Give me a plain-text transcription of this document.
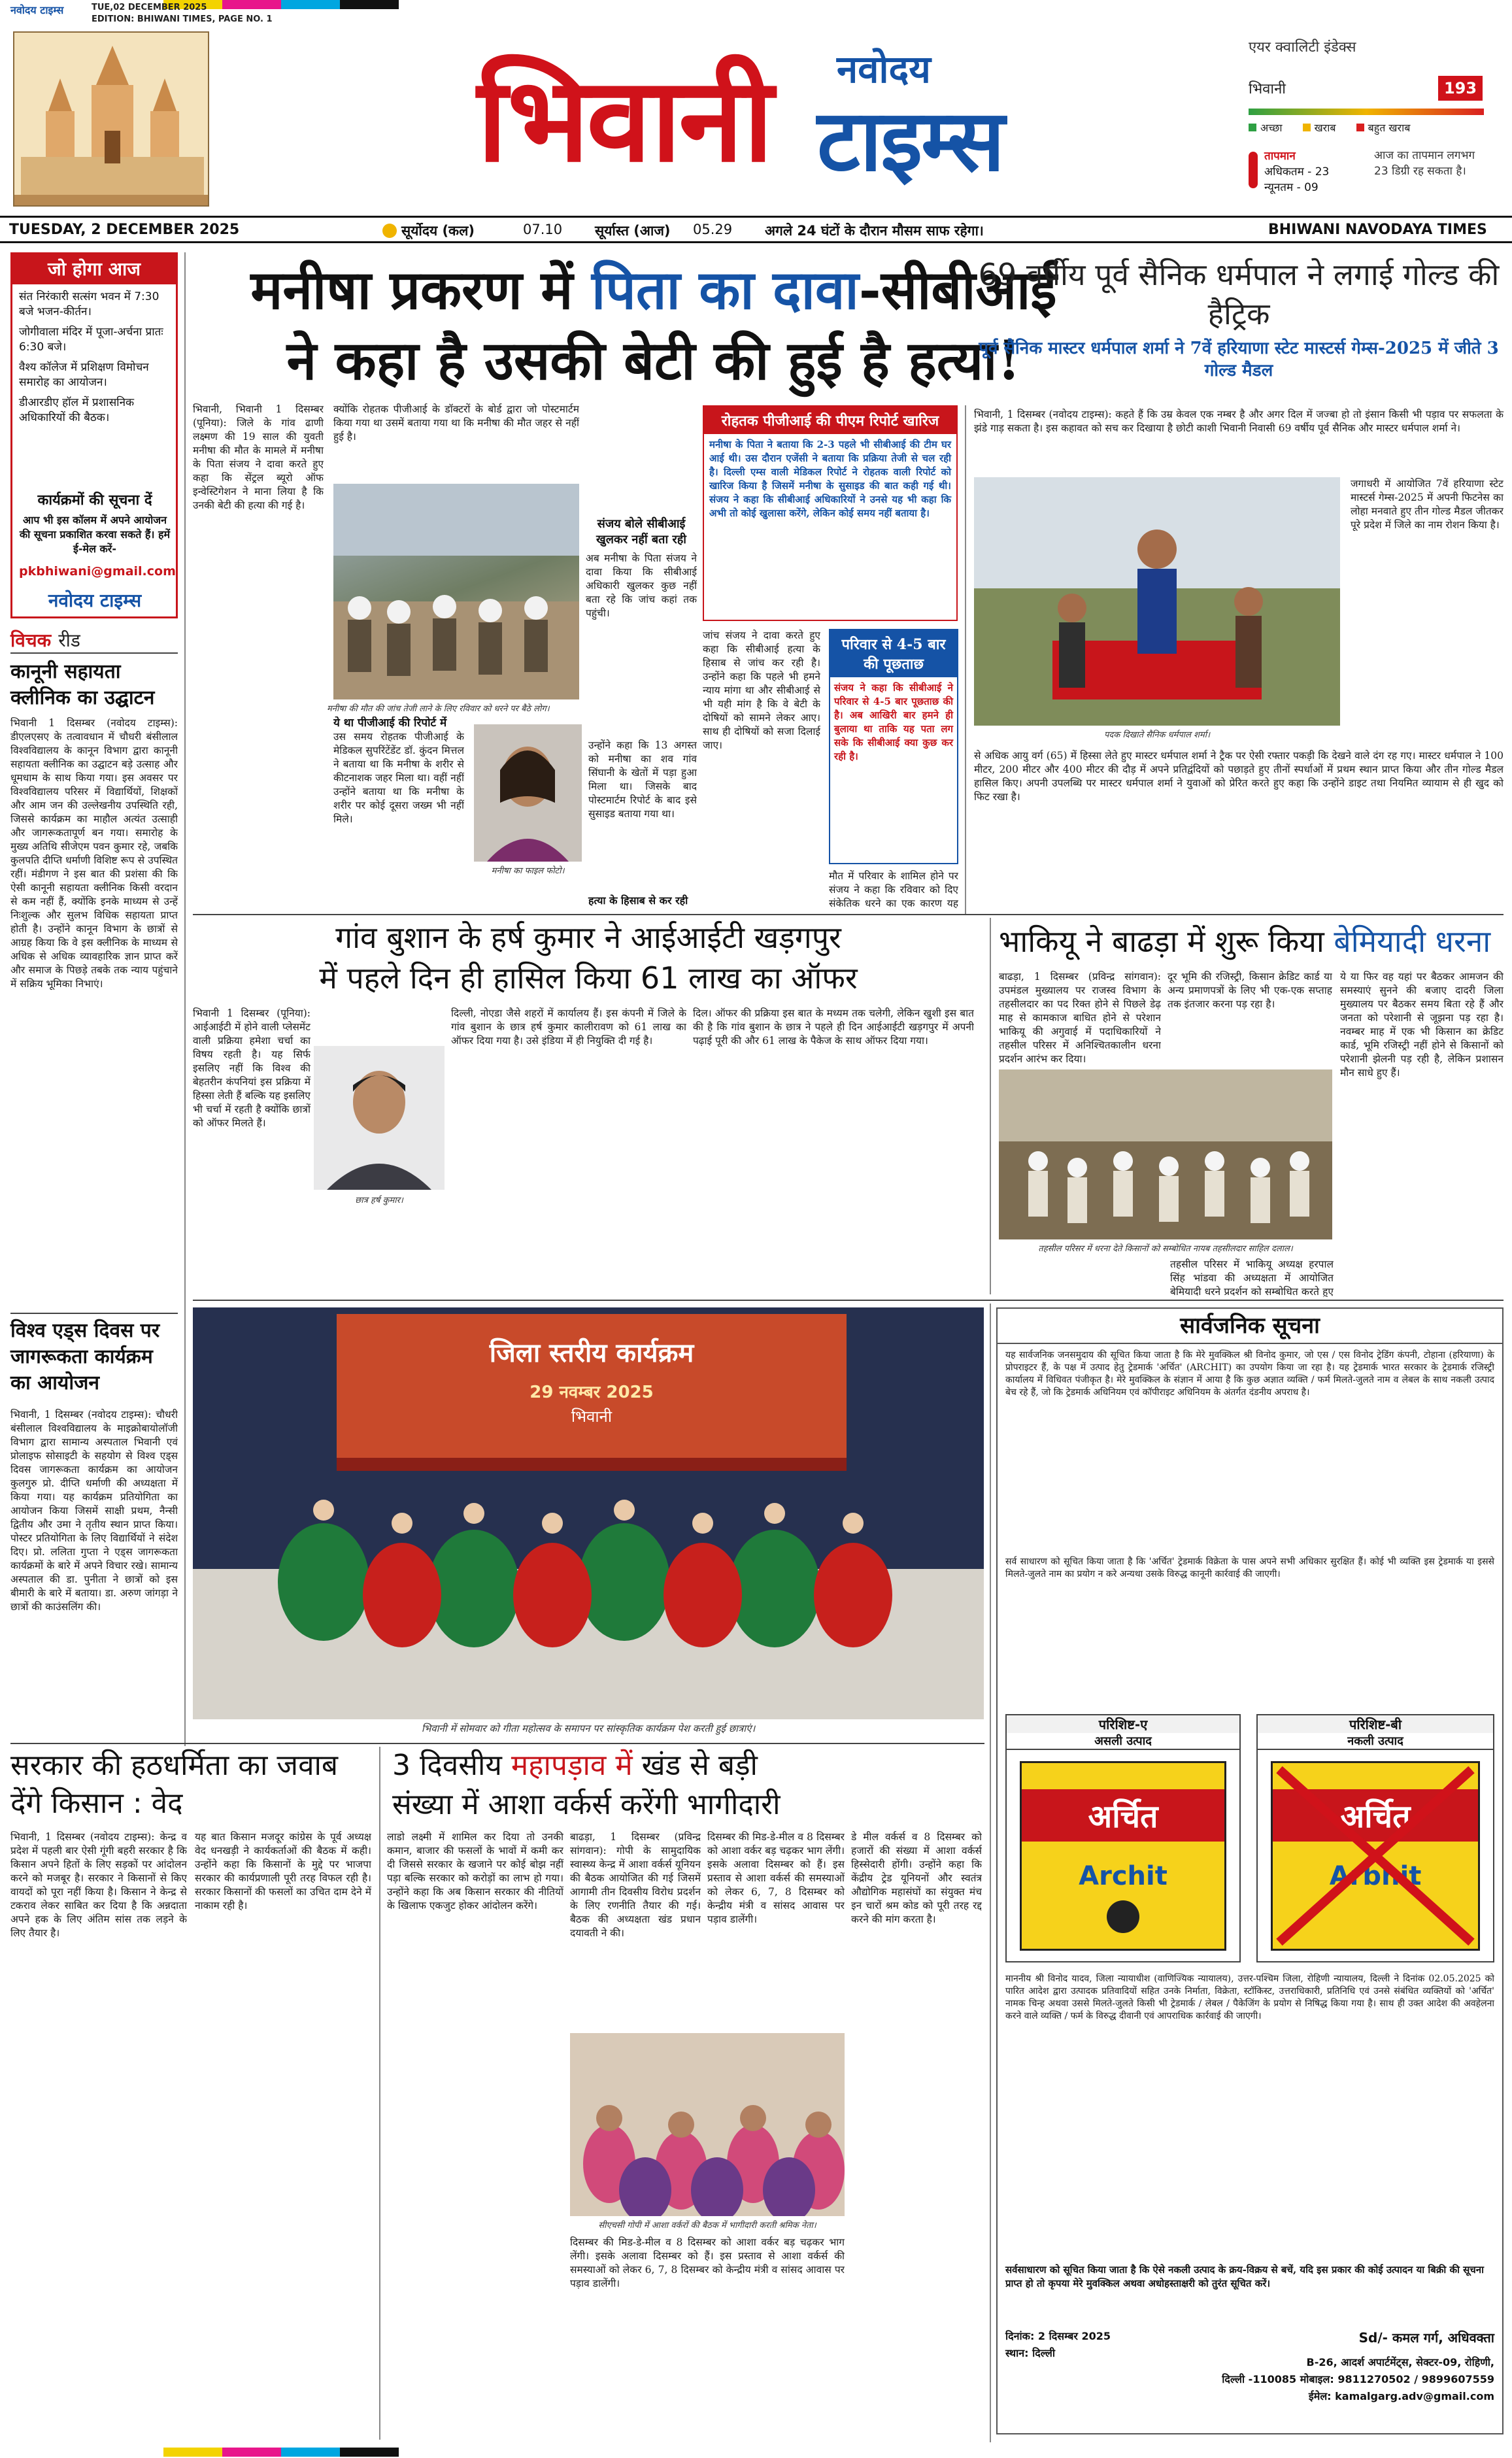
नवोदय टाइम्स	TUE,02 DECEMBER 2025
EDITION: BHIWANI TIMES, PAGE NO. 1
भिवानी नवोदय
टाइम्स
एयर क्वालिटी इंडेक्स
भिवानी	193
अच्छा	खराब	बहुत खराब
तापमान
अधिकतम - 23
न्यूनतम - 09
आज का तापमान लगभग 23 डिग्री रह सकता है।
TUESDAY, 2 DECEMBER 2025	सूर्योदय (कल)	07.10 सूर्यास्त (आज) 05.29 अगले 24 घंटों के दौरान मौसम साफ रहेगा।	BHIWANI NAVODAYA TIMES
जो होगा आज

संत निरंकारी सत्संग भवन में 7:30 बजे भजन-कीर्तन।

जोगीवाला मंदिर में पूजा-अर्चना प्रातः 6:30 बजे।

वैश्य कॉलेज में प्रशिक्षण विमोचन समारोह का आयोजन।

डीआरडीए हॉल में प्रशासनिक अधिकारियों की बैठक।

कार्यक्रमों की सूचना दें
आप भी इस कॉलम में अपने आयोजन की सूचना प्रकाशित करवा सकते हैं। हमें ई-मेल करें-
pkbhiwani@gmail.com
नवोदय टाइम्स
विचक रीड
कानूनी सहायता क्लीनिक का उद्घाटन
भिवानी 1 दिसम्बर (नवोदय टाइम्स): डीएलएसए के तत्वावधान में चौधरी बंसीलाल विश्वविद्यालय के कानून विभाग द्वारा कानूनी सहायता क्लीनिक का उद्घाटन बड़े उत्साह और धूमधाम के साथ किया गया। इस अवसर पर विश्वविद्यालय परिसर में विद्यार्थियों, शिक्षकों और आम जन की उल्लेखनीय उपस्थिति रही, जिससे कार्यक्रम का माहौल अत्यंत उत्साही और जागरूकतापूर्ण बन गया। समारोह के मुख्य अतिथि सीजेएम पवन कुमार रहे, जबकि कुलपति दीप्ति धर्माणी विशिष्ट रूप से उपस्थित रहीं। मंडीगण ने इस बात की प्रशंसा की कि ऐसी कानूनी सहायता क्लीनिक किसी वरदान से कम नहीं हैं, क्योंकि इनके माध्यम से उन्हें निःशुल्क और सुलभ विधिक सहायता प्राप्त होती है। उन्होंने कानून विभाग के छात्रों से आग्रह किया कि वे इस क्लीनिक के माध्यम से अधिक से अधिक व्यावहारिक ज्ञान प्राप्त करें और समाज के पिछड़े तबके तक न्याय पहुंचाने में सक्रिय भूमिका निभाएं।
विश्व एड्स दिवस पर जागरूकता कार्यक्रम का आयोजन
भिवानी, 1 दिसम्बर (नवोदय टाइम्स): चौधरी बंसीलाल विश्वविद्यालय के माइक्रोबायोलॉजी विभाग द्वारा सामान्य अस्पताल भिवानी एवं प्रोलाइफ सोसाइटी के सहयोग से विश्व एड्स दिवस जागरूकता कार्यक्रम का आयोजन कुलगुरु प्रो. दीप्ति धर्माणी की अध्यक्षता में किया गया। यह कार्यक्रम प्रतियोगिता का आयोजन किया जिसमें साक्षी प्रथम, नैन्सी द्वितीय और उमा ने तृतीय स्थान प्राप्त किया। पोस्टर प्रतियोगिता के लिए विद्यार्थियों ने संदेश दिए। प्रो. ललिता गुप्ता ने एड्स जागरूकता कार्यक्रमों के बारे में अपने विचार रखे। सामान्य अस्पताल की डा. पुनीता ने छात्रों को इस बीमारी के बारे में बताया। डा. अरुण जांगड़ा ने छात्रों की काउंसलिंग की।
मनीषा प्रकरण में पिता का दावा-सीबीआई
ने कहा है उसकी बेटी की हुई है हत्या!
भिवानी, भिवानी 1 दिसम्बर (पूनिया): जिले के गांव ढाणी लक्ष्मण की 19 साल की युवती मनीषा की मौत के मामले में मनीषा के पिता संजय ने दावा करते हुए कहा कि सेंट्रल ब्यूरो ऑफ इन्वेस्टिगेशन ने माना लिया है कि उनकी बेटी की हत्या की गई है।
क्योंकि रोहतक पीजीआई के डॉक्टरों के बोर्ड द्वारा जो पोस्टमार्टम किया गया था उसमें बताया गया था कि मनीषा की मौत जहर से नहीं हुई है।
मनीषा की मौत की जांच तेजी लाने के लिए रविवार को धरने पर बैठे लोग।
संजय बोले सीबीआई खुलकर नहीं बता रही
अब मनीषा के पिता संजय ने दावा किया कि सीबीआई अधिकारी खुलकर कुछ नहीं बता रहे कि जांच कहां तक पहुंची।
ये था पीजीआई की रिपोर्ट में
उस समय रोहतक पीजीआई के मेडिकल सुपरिंटेंडेंट डॉ. कुंदन मित्तल ने बताया था कि मनीषा के शरीर से कीटनाशक जहर मिला था। वहीं नहीं उन्होंने बताया था कि मनीषा के शरीर पर कोई दूसरा जख्म भी नहीं मिले।
मनीषा का फाइल फोटो।
उन्होंने कहा कि 13 अगस्त को मनीषा का शव गांव सिंघानी के खेतों में पड़ा हुआ मिला था। जिसके बाद पोस्टमार्टम रिपोर्ट के बाद इसे सुसाइड बताया गया था।
हत्या के हिसाब से कर रही
रोहतक पीजीआई की पीएम रिपोर्ट खारिज
मनीषा के पिता ने बताया कि 2-3 पहले भी सीबीआई की टीम घर आई थी। उस दौरान एजेंसी ने बताया कि प्रक्रिया तेजी से चल रही है। दिल्ली एम्स वाली मेडिकल रिपोर्ट ने रोहतक वाली रिपोर्ट को खारिज किया है जिसमें मनीषा के सुसाइड की बात कही गई थी। संजय ने कहा कि सीबीआई अधिकारियों ने उनसे यह भी कहा कि अभी तो कोई खुलासा करेंगे, लेकिन कोई समय नहीं बताया है।
जांच संजय ने दावा करते हुए कहा कि सीबीआई हत्या के हिसाब से जांच कर रही है। उन्होंने कहा कि पहले भी हमने न्याय मांगा था और सीबीआई से भी यही मांग है कि वे बेटी के दोषियों को सामने लेकर आए। साथ ही दोषियों को सजा दिलाई जाए।
परिवार से 4-5 बार की पूछताछ
संजय ने कहा कि सीबीआई ने परिवार से 4-5 बार पूछताछ की है। अब आखिरी बार हमने ही बुलाया था ताकि यह पता लग सके कि सीबीआई क्या कुछ कर रही है।
मौत में परिवार के शामिल होने पर संजय ने कहा कि रविवार को दिए संकेतिक धरने का एक कारण यह
69 वर्षीय पूर्व सैनिक धर्मपाल ने लगाई गोल्ड की हैट्रिक
पूर्व सैनिक मास्टर धर्मपाल शर्मा ने 7वें हरियाणा स्टेट मास्टर्स गेम्स-2025 में जीते 3 गोल्ड मैडल
भिवानी, 1 दिसम्बर (नवोदय टाइम्स): कहते हैं कि उम्र केवल एक नम्बर है और अगर दिल में जज्बा हो तो इंसान किसी भी पड़ाव पर सफलता के झंडे गाड़ सकता है। इस कहावत को सच कर दिखाया है छोटी काशी भिवानी निवासी 69 वर्षीय पूर्व सैनिक और मास्टर धर्मपाल शर्मा ने।
पदक दिखाते सैनिक धर्मपाल शर्मा।
जगाधरी में आयोजित 7वें हरियाणा स्टेट मास्टर्स गेम्स-2025 में अपनी फिटनेस का लोहा मनवाते हुए तीन गोल्ड मैडल जीतकर पूरे प्रदेश में जिले का नाम रोशन किया है।
से अधिक आयु वर्ग (65) में हिस्सा लेते हुए मास्टर धर्मपाल शर्मा ने ट्रैक पर ऐसी रफ्तार पकड़ी कि देखने वाले दंग रह गए। मास्टर धर्मपाल ने 100 मीटर, 200 मीटर और 400 मीटर की दौड़ में अपने प्रतिद्वंदियों को पछाड़ते हुए तीनों स्पर्धाओं में प्रथम स्थान प्राप्त किया और तीन गोल्ड मैडल हासिल किए। अपनी उपलब्धि पर मास्टर धर्मपाल शर्मा ने युवाओं को प्रेरित करते हुए कहा कि उन्होंने डाइट तथा नियमित व्यायाम से ही खुद को फिट रखा है।
गांव बुशान के हर्ष कुमार ने आईआईटी खड़गपुर
में पहले दिन ही हासिल किया 61 लाख का ऑफर
भिवानी 1 दिसम्बर (पूनिया): आईआईटी में होने वाली प्लेसमेंट वाली प्रक्रिया हमेशा चर्चा का विषय रहती है। यह सिर्फ इसलिए नहीं कि विश्व की बेहतरीन कंपनियां इस प्रक्रिया में हिस्सा लेती हैं बल्कि यह इसलिए भी चर्चा में रहती है क्योंकि छात्रों को ऑफर मिलते हैं।
छात्र हर्ष कुमार।
दिल्ली, नोएडा जैसे शहरों में कार्यालय हैं। इस कंपनी में जिले के गांव बुशान के छात्र हर्ष कुमार कालीरावण को 61 लाख का ऑफर दिया गया है। उसे इंडिया में ही नियुक्ति दी गई है।
दिल। ऑफर की प्रक्रिया इस बात के मध्यम तक चलेगी, लेकिन खुशी इस बात की है कि गांव बुशान के छात्र ने पहले ही दिन आईआईटी खड़गपुर में अपनी पढ़ाई पूरी की और 61 लाख के पैकेज के साथ ऑफर दिया गया।
भाकियू ने बाढड़ा में शुरू किया बेमियादी धरना
बाढड़ा, 1 दिसम्बर (प्रविन्द्र सांगवान): उपमंडल मुख्यालय पर राजस्व विभाग के तहसीलदार का पद रिक्त होने से पिछले डेढ़ माह से कामकाज बाधित होने से परेशान भाकियू की अगुवाई में पदाधिकारियों ने तहसील परिसर में अनिश्चितकालीन धरना प्रदर्शन आरंभ कर दिया।
तहसील परिसर में धरना देते किसानों को सम्बोधित नायब तहसीलदार साहिल दलाल।
दूर भूमि की रजिस्ट्री, किसान क्रेडिट कार्ड या अन्य प्रमाणपत्रों के लिए भी एक-एक सप्ताह तक इंतजार करना पड़ रहा है।
तहसील परिसर में भाकियू अध्यक्ष हरपाल सिंह भांडवा की अध्यक्षता में आयोजित बेमियादी धरने प्रदर्शन को सम्बोधित करते हुए
ये या फिर वह यहां पर बैठकर आमजन की समस्याएं सुनने की बजाए दादरी जिला मुख्यालय पर बैठकर समय बिता रहे हैं और जनता को परेशानी से जूझना पड़ रहा है। नवम्बर माह में एक भी किसान का क्रेडिट कार्ड, भूमि रजिस्ट्री नहीं होने से किसानों को परेशानी झेलनी पड़ रही है, लेकिन प्रशासन मौन साधे हुए हैं।
जिला स्तरीय कार्यक्रम
29 नवम्बर 2025
भिवानी
भिवानी में सोमवार को गीता महोत्सव के समापन पर सांस्कृतिक कार्यक्रम पेश करती हुई छात्राएं।
सार्वजनिक सूचना
यह सार्वजनिक जनसमुदाय की सूचित किया जाता है कि मेरे मुवक्किल श्री विनोद कुमार, जो एस / एस विनोद ट्रेडिंग कंपनी, टोहाना (हरियाणा) के प्रोपराइटर हैं, के पक्ष में उत्पाद हेतु ट्रेडमार्क 'अर्चित' (ARCHIT) का उपयोग किया जा रहा है। यह ट्रेडमार्क भारत सरकार के ट्रेडमार्क रजिस्ट्री कार्यालय में विधिवत पंजीकृत है। मेरे मुवक्किल के संज्ञान में आया है कि कुछ अज्ञात व्यक्ति / फर्म मिलते-जुलते नाम व लेबल के साथ नकली उत्पाद बेच रहे हैं, जो कि ट्रेडमार्क अधिनियम एवं कॉपीराइट अधिनियम के अंतर्गत दंडनीय अपराध है।
सर्व साधारण को सूचित किया जाता है कि 'अर्चित' ट्रेडमार्क विक्रेता के पास अपने सभी अधिकार सुरक्षित हैं। कोई भी व्यक्ति इस ट्रेडमार्क या इससे मिलते-जुलते नाम का प्रयोग न करे अन्यथा उसके विरुद्ध कानूनी कार्रवाई की जाएगी।
परिशिष्ट-ए
असली उत्पाद
अर्चित
Archit
परिशिष्ट-बी
नकली उत्पाद
अर्चित
Arbhit
माननीय श्री विनोद यादव, जिला न्यायाधीश (वाणिज्यिक न्यायालय), उत्तर-पश्चिम जिला, रोहिणी न्यायालय, दिल्ली ने दिनांक 02.05.2025 को पारित आदेश द्वारा उत्पादक प्रतिवादियों सहित उनके निर्माता, विक्रेता, स्टॉकिस्ट, उत्तराधिकारी, प्रतिनिधि एवं उनसे संबंधित व्यक्तियों को 'अर्चित' नामक चिन्ह अथवा उससे मिलते-जुलते किसी भी ट्रेडमार्क / लेबल / पैकेजिंग के प्रयोग से निषिद्ध किया गया है। साथ ही उक्त आदेश की अवहेलना करने वाले व्यक्ति / फर्म के विरुद्ध दीवानी एवं आपराधिक कार्रवाई की जाएगी।
सर्वसाधारण को सूचित किया जाता है कि ऐसे नकली उत्पाद के क्रय-विक्रय से बचें, यदि इस प्रकार की कोई उत्पादन या बिक्री की सूचना प्राप्त हो तो कृपया मेरे मुवक्किल अथवा अधोहस्ताक्षरी को तुरंत सूचित करें।
दिनांक: 2 दिसम्बर 2025
स्थान: दिल्ली
Sd/- कमल गर्ग, अधिवक्ता
B-26, आदर्श अपार्टमेंट्स, सेक्टर-09, रोहिणी,
दिल्ली -110085 मोबाइल: 9811270502 / 9899607559
ईमेल: kamalgarg.adv@gmail.com
सरकार की हठधर्मिता का जवाब देंगे किसान : वेद
भिवानी, 1 दिसम्बर (नवोदय टाइम्स): केन्द्र व प्रदेश में पहली बार ऐसी गूंगी बहरी सरकार है कि किसान अपने हितों के लिए सड़कों पर आंदोलन करने को मजबूर है। सरकार ने किसानों से किए वायदों को पूरा नहीं किया है। किसान ने केन्द्र से टकराव लेकर साबित कर दिया है कि अन्नदाता अपने हक के लिए अंतिम सांस तक लड़ने के लिए तैयार है।
यह बात किसान मजदूर कांग्रेस के पूर्व अध्यक्ष वेद धनखड़ी ने कार्यकर्ताओं की बैठक में कही। उन्होंने कहा कि किसानों के मुद्दे पर भाजपा सरकार की कार्यप्रणाली पूरी तरह विफल रही है। सरकार किसानों की फसलों का उचित दाम देने में नाकाम रही है।
लाडो लक्ष्मी में शामिल कर दिया तो उनकी कमान, बाजार की फसलों के भावों में कमी कर दी जिससे सरकार के खजाने पर कोई बोझ नहीं पड़ा बल्कि सरकार को करोड़ों का लाभ हो गया। उन्होंने कहा कि अब किसान सरकार की नीतियों के खिलाफ एकजुट होकर आंदोलन करेंगे।
3 दिवसीय महापड़ाव में खंड से बड़ी
संख्या में आशा वर्कर्स करेंगी भागीदारी
बाढड़ा, 1 दिसम्बर (प्रविन्द्र सांगवान): गोपी के सामुदायिक स्वास्थ्य केन्द्र में आशा वर्कर्स यूनियन की बैठक आयोजित की गई जिसमें आगामी तीन दिवसीय विरोध प्रदर्शन के लिए रणनीति तैयार की गई। बैठक की अध्यक्षता खंड प्रधान दयावती ने की।
सीएचसी गोपी में आशा वर्करों की बैठक में भागीदारी करती श्रमिक नेता।
दिसम्बर की मिड-डे-मील व 8 दिसम्बर को आशा वर्कर बड़ चढ़कर भाग लेंगी। इसके अलावा दिसम्बर को हैं। इस प्रस्ताव से आशा वर्कर्स की समस्याओं को लेकर 6, 7, 8 दिसम्बर को केन्द्रीय मंत्री व सांसद आवास पर पड़ाव डालेंगी।
डे मील वर्कर्स व 8 दिसम्बर को हजारों की संख्या में आशा वर्कर्स हिस्सेदारी होंगी। उन्होंने कहा कि केंद्रीय ट्रेड यूनियनों और स्वतंत्र औद्योगिक महासंघों का संयुक्त मंच इन चारों श्रम कोड को पूरी तरह रद्द करने की मांग करता है।
दिसम्बर की मिड-डे-मील व 8 दिसम्बर को आशा वर्कर बड़ चढ़कर भाग लेंगी। इसके अलावा दिसम्बर को हैं। इस प्रस्ताव से आशा वर्कर्स की समस्याओं को लेकर 6, 7, 8 दिसम्बर को केन्द्रीय मंत्री व सांसद आवास पर पड़ाव डालेंगी।
